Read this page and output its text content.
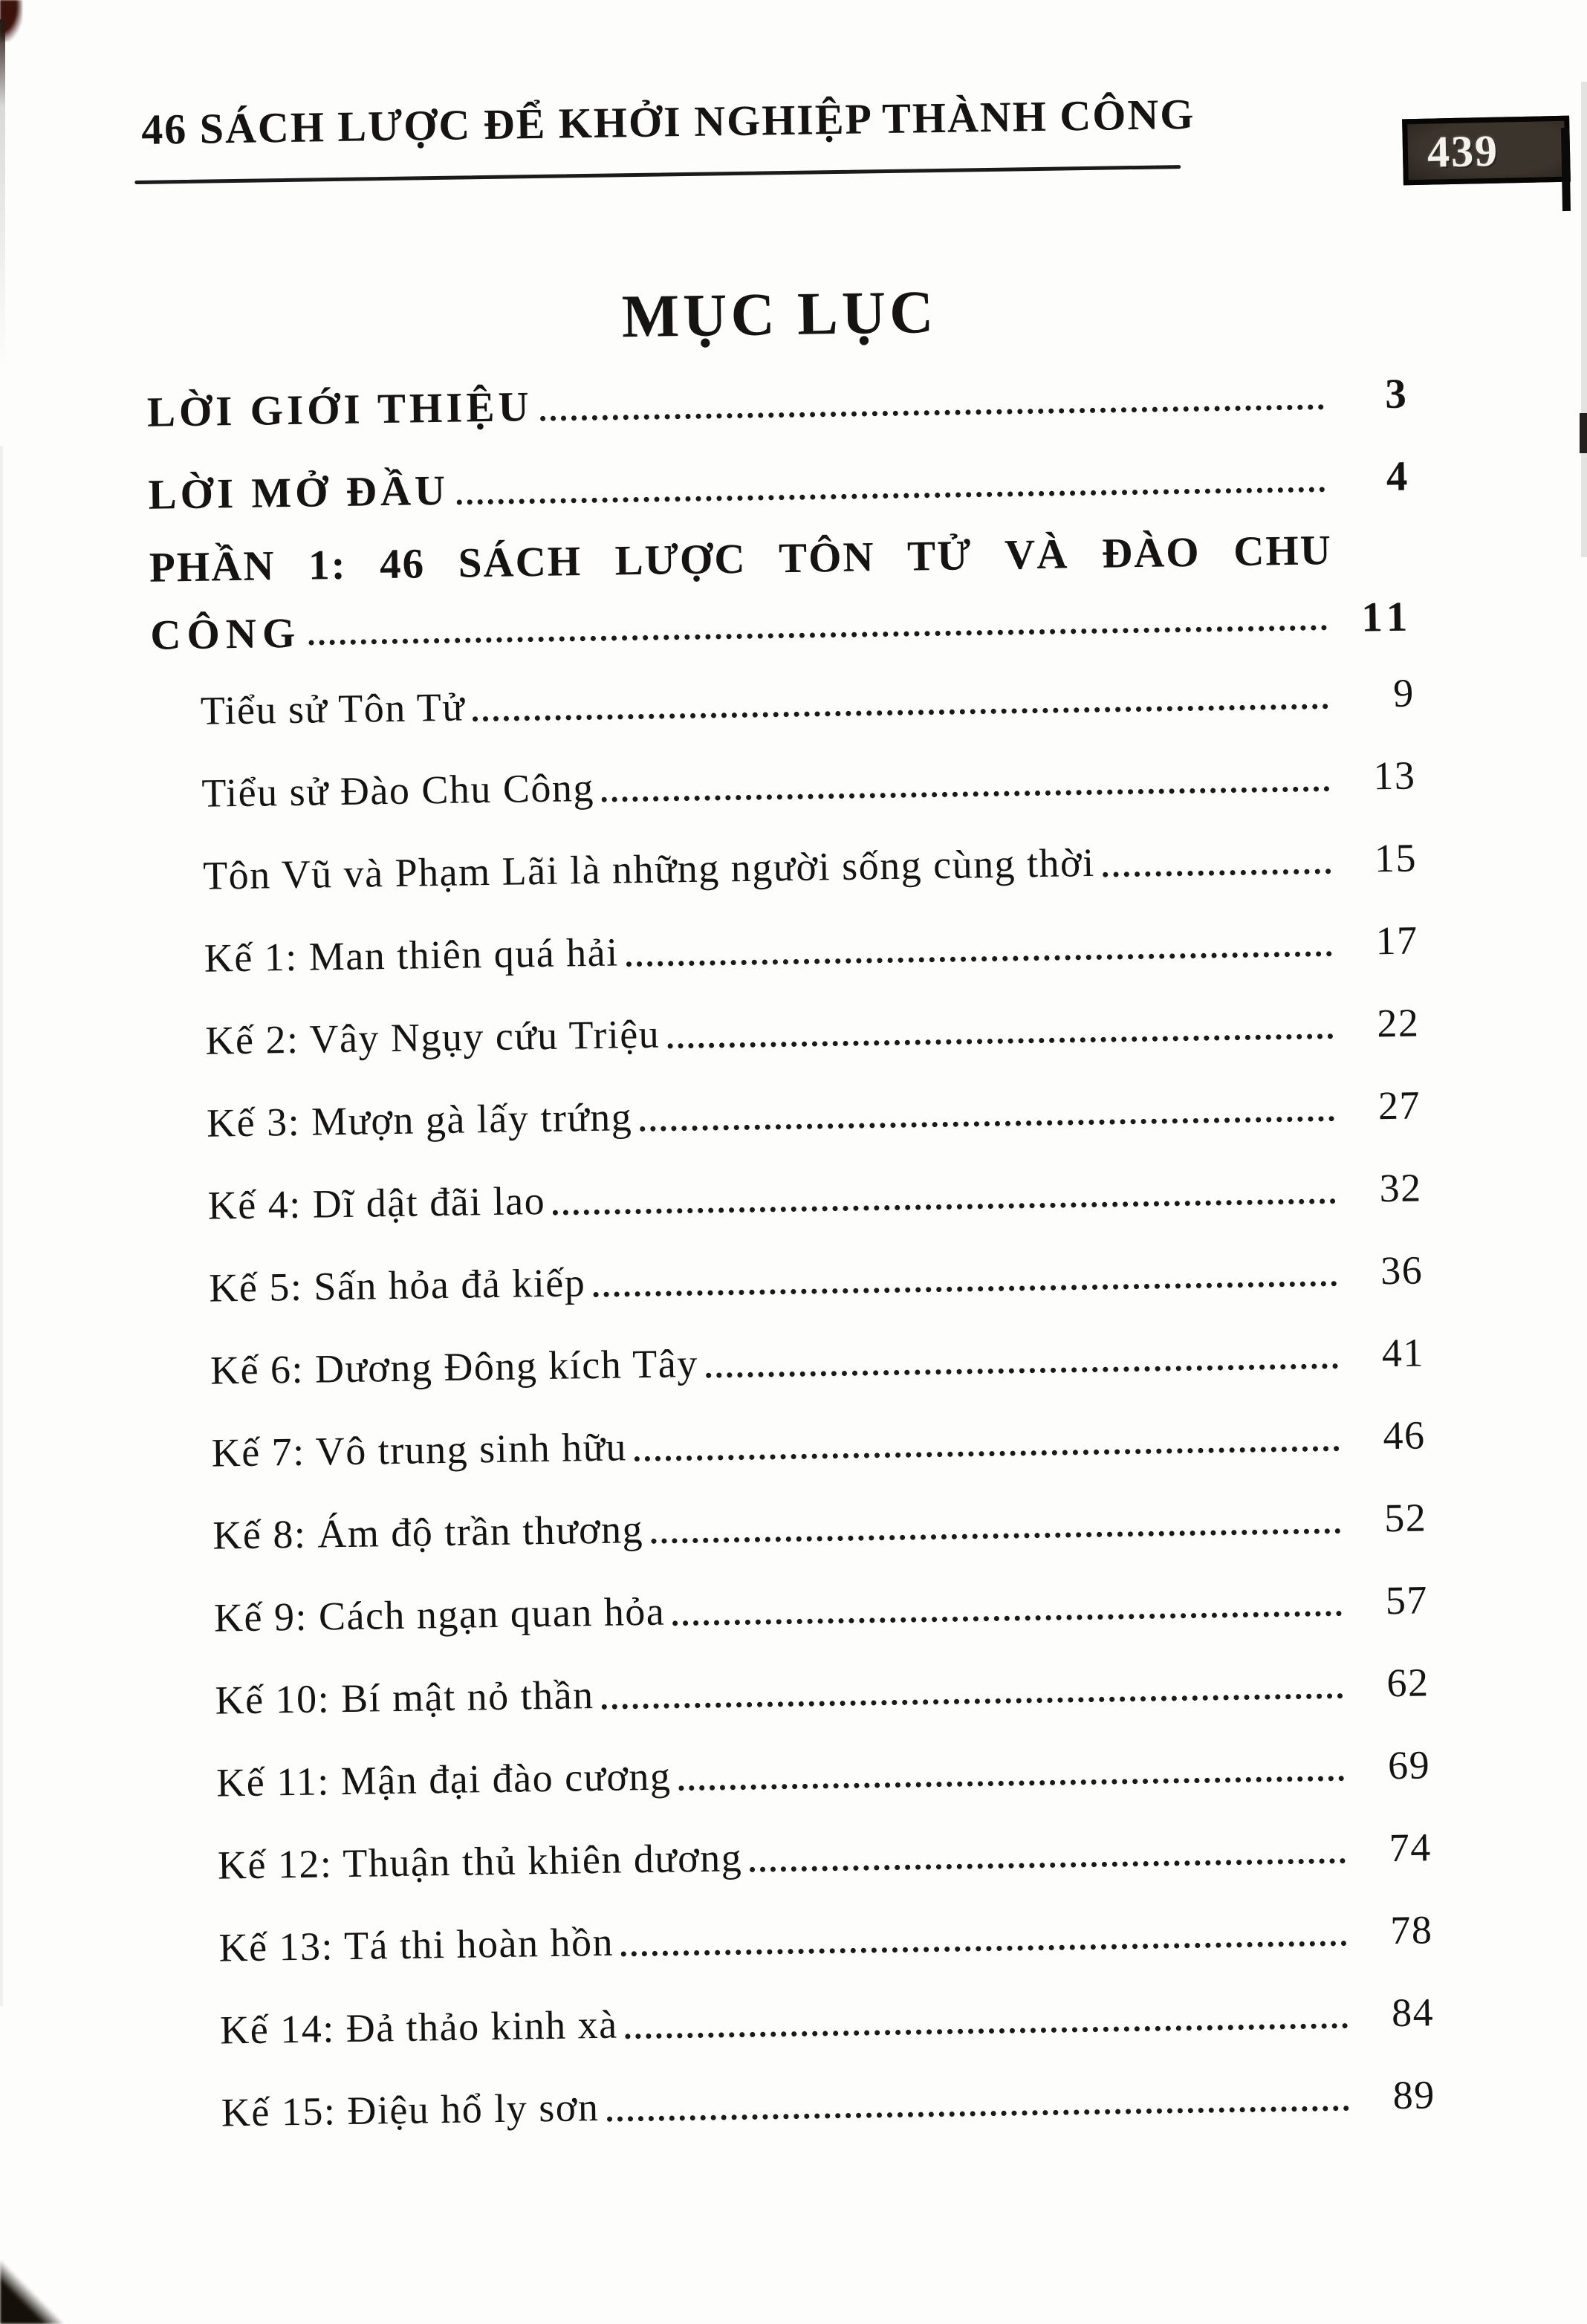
46 SÁCH LƯỢC ĐỂ KHỞI NGHIỆP THÀNH CÔNG
MỤC LỤC
LỜI GIỚI THIỆU	3
LỜI MỞ ĐẦU	4
PHẦN 1: 46 SÁCH LƯỢC TÔN TỬ VÀ ĐÀO CHU
CÔNG	11
Tiểu sử Tôn Tử	9
Tiểu sử Đào Chu Công	13
Tôn Vũ và Phạm Lãi là những người sống cùng thời	15
Kế 1: Man thiên quá hải	17
Kế 2: Vây Ngụy cứu Triệu	22
Kế 3: Mượn gà lấy trứng	27
Kế 4: Dĩ dật đãi lao	32
Kế 5: Sấn hỏa đả kiếp	36
Kế 6: Dương Đông kích Tây	41
Kế 7: Vô trung sinh hữu	46
Kế 8: Ám độ trần thương	52
Kế 9: Cách ngạn quan hỏa	57
Kế 10: Bí mật nỏ thần	62
Kế 11: Mận đại đào cương	69
Kế 12: Thuận thủ khiên dương	74
Kế 13: Tá thi hoàn hồn	78
Kế 14: Đả thảo kinh xà	84
Kế 15: Điệu hổ ly sơn	89
439
